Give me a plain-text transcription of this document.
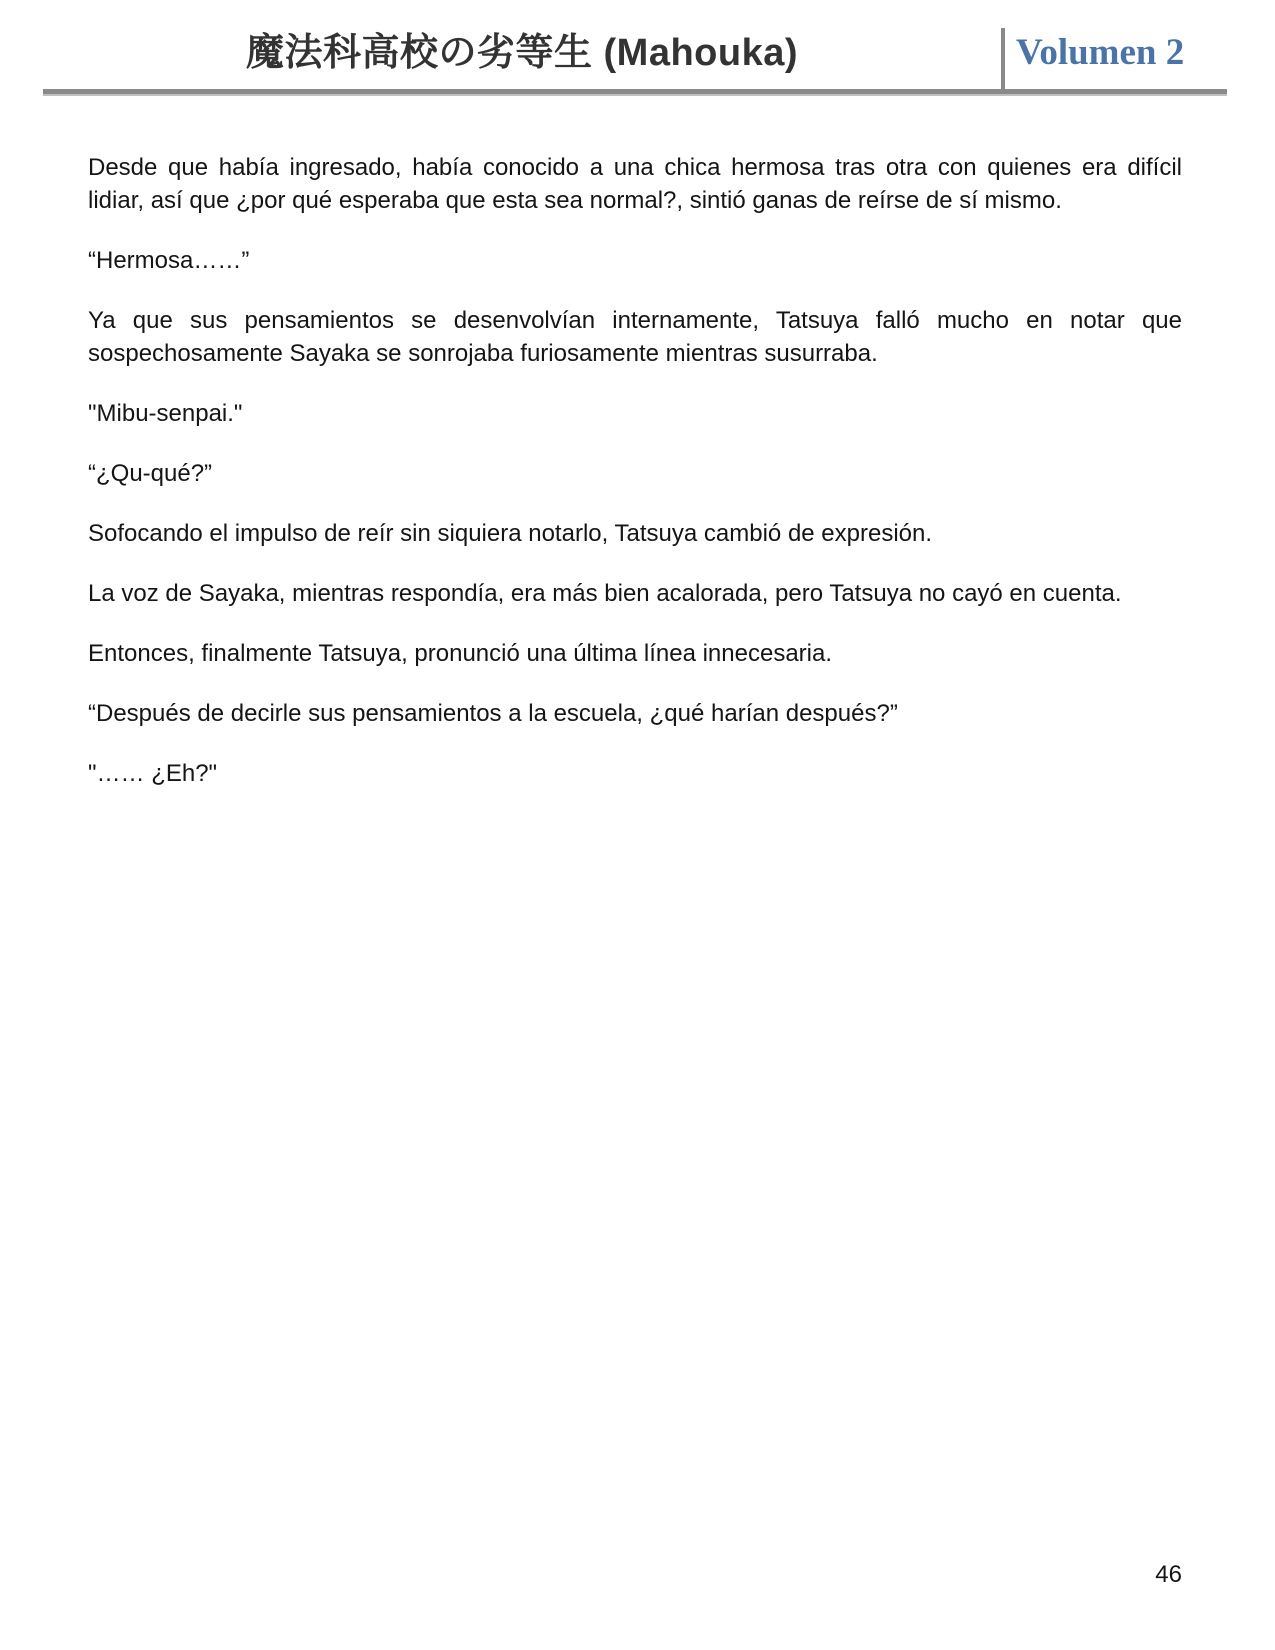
魔法科高校の劣等生 (Mahouka)	Volumen 2

Desde que había ingresado, había conocido a una chica hermosa tras otra con quienes era difícil lidiar, así que ¿por qué esperaba que esta sea normal?, sintió ganas de reírse de sí mismo.

“Hermosa……”

Ya que sus pensamientos se desenvolvían internamente, Tatsuya falló mucho en notar que sospechosamente Sayaka se sonrojaba furiosamente mientras susurraba.

"Mibu-senpai."

“¿Qu-qué?”

Sofocando el impulso de reír sin siquiera notarlo, Tatsuya cambió de expresión.

La voz de Sayaka, mientras respondía, era más bien acalorada, pero Tatsuya no cayó en cuenta.

Entonces, finalmente Tatsuya, pronunció una última línea innecesaria.

“Después de decirle sus pensamientos a la escuela, ¿qué harían después?”

"…… ¿Eh?"

46
